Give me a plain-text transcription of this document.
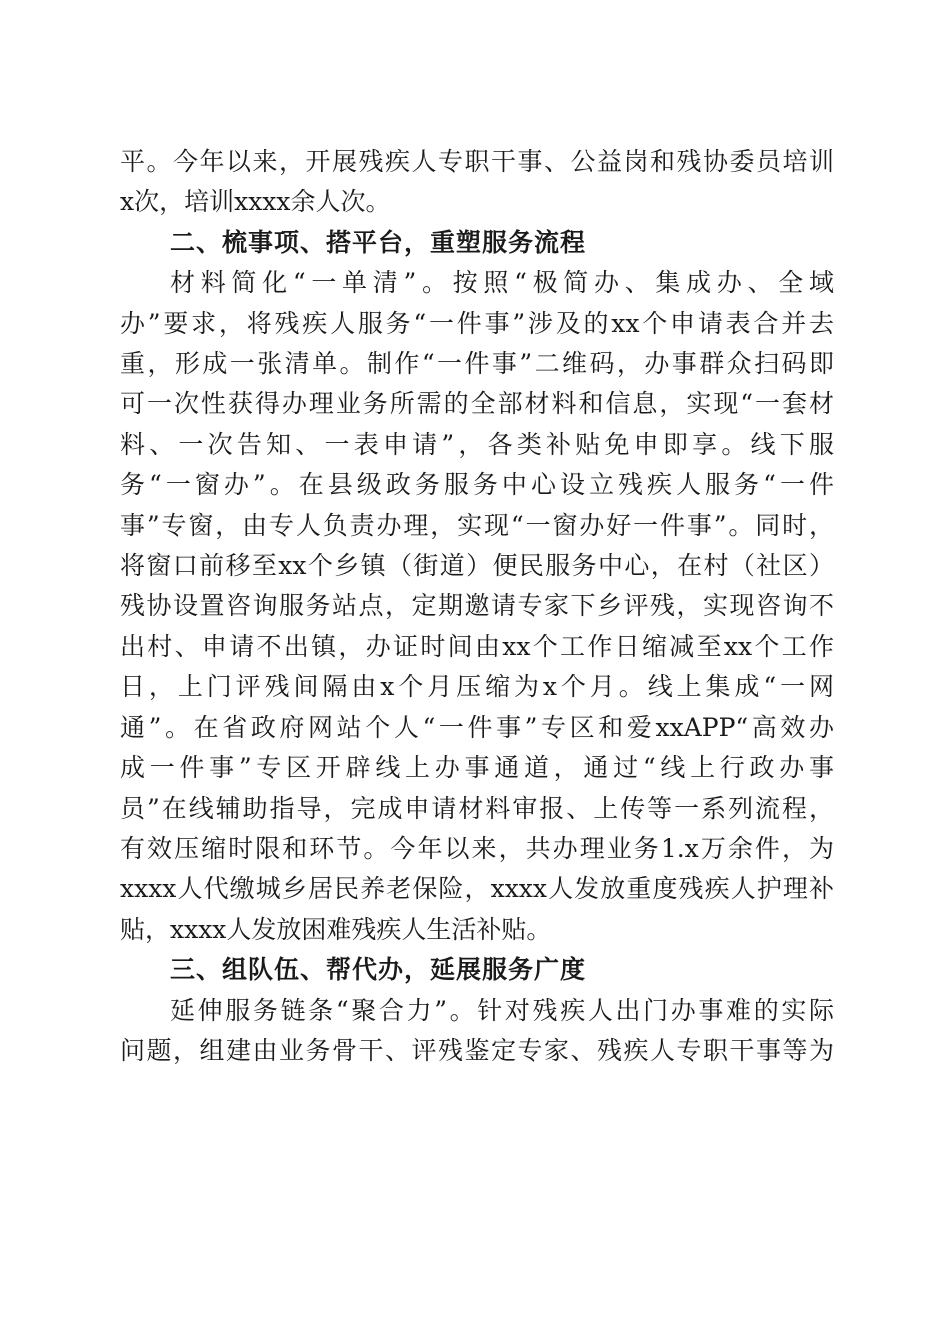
平。今年以来，开展残疾人专职干事、公益岗和残协委员培训
x次，培训xxxx余人次。
二、梳事项、搭平台，重塑服务流程
材料简化“一单清”。按照“极简办、集成办、全域
办”要求，将残疾人服务“一件事”涉及的xx个申请表合并去
重，形成一张清单。制作“一件事”二维码，办事群众扫码即
可一次性获得办理业务所需的全部材料和信息，实现“一套材
料、一次告知、一表申请”，各类补贴免申即享。线下服
务“一窗办”。在县级政务服务中心设立残疾人服务“一件
事”专窗，由专人负责办理，实现“一窗办好一件事”。同时，
将窗口前移至xx个乡镇（街道）便民服务中心，在村（社区）
残协设置咨询服务站点，定期邀请专家下乡评残，实现咨询不
出村、申请不出镇，办证时间由xx个工作日缩减至xx个工作
日，上门评残间隔由x个月压缩为x个月。线上集成“一网
通”。在省政府网站个人“一件事”专区和爱xxAPP“高效办
成一件事”专区开辟线上办事通道，通过“线上行政办事
员”在线辅助指导，完成申请材料审报、上传等一系列流程，
有效压缩时限和环节。今年以来，共办理业务1.x万余件，为
xxxx人代缴城乡居民养老保险，xxxx人发放重度残疾人护理补
贴，xxxx人发放困难残疾人生活补贴。
三、组队伍、帮代办，延展服务广度
延伸服务链条“聚合力”。针对残疾人出门办事难的实际
问题，组建由业务骨干、评残鉴定专家、残疾人专职干事等为
